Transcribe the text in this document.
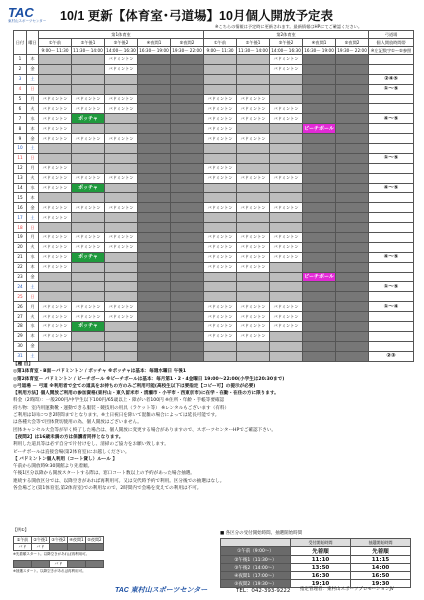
TAC
東村山スポーツセンター 10/1 更新【体育室･弓道場】10月個人開放予定表
※こちらの情報は予定時に更新されます。最新情報はHPにてご確認ください。
日付	曜日	第1体育室					第2体育室					弓道場
		①午前	②午後1	③午後2	④夜間1	⑤夜間2	①午前	②午後1	③午後2	④夜間1	⑤夜間2	個人開放時間帯
		9:00～ 11:30	11:30～ 14:00	14:00～ 16:30	16:30～ 19:00	19:30～ 22:00	9:00～ 11:30	11:30～ 14:00	14:00～ 16:30	16:30～ 19:00	19:30～ 22:00	※左記数字①～⑤参照
1	木			バドミントン					バドミントン			
2	金			バドミントン					バドミントン			
3	土											②④⑤
4	日											①〜⑤
5	月	バドミントン	バドミントン	バドミントン			バドミントン	バドミントン				
6	火	バドミントン	バドミントン	バドミントン			バドミントン	バドミントン	バドミントン			
7	水	バドミントン	ポッチャ				バドミントン	バドミントン	バドミントン			④〜⑤
8	木	バドミントン					バドミントン			ビーチボール		
9	金	バドミントン	バドミントン	バドミントン			バドミントン	バドミントン				
10	土											
11	日											①〜⑤
12	月	バドミントン					バドミントン					
13	火	バドミントン	バドミントン	バドミントン			バドミントン	バドミントン	バドミントン			
14	水	バドミントン	ポッチャ									④〜⑤
15	木											
16	金	バドミントン	バドミントン	バドミントン			バドミントン	バドミントン	バドミントン			
17	土	バドミントン										
18	日											
19	月	バドミントン	バドミントン	バドミントン			バドミントン	バドミントン	バドミントン			
20	火	バドミントン	バドミントン	バドミントン			バドミントン	バドミントン	バドミントン			
21	水	バドミントン	ポッチャ				バドミントン	バドミントン	バドミントン			④〜⑤
22	木	バドミントン					バドミントン	バドミントン				
23	金									ビーチボール		
24	土											①〜⑤
25	日											
26	月	バドミントン	バドミントン	バドミントン			バドミントン	バドミントン	バドミントン			①〜④
27	火	バドミントン	バドミントン	バドミントン			バドミントン	バドミントン	バドミントン			
28	水	バドミントン	ポッチャ				バドミントン	バドミントン	バドミントン			
29	木	バドミントン					バドミントン	バドミントン				
30	金											
31	土											②③
【種 目】
◎第1体育室・B面－バドミントン / ポッチャ ※ポッチャは基本：毎週水曜日 午後1
◎第2体育室－ バドミントン / ビーチボール ※ビーチボールは基本：毎月第1・2・4金曜日 19:00～22:00(小学生は20:30まで)
◎弓道場 － 弓道 ※利用者で全ての道具をお持ちの方のみご利用可能(高校生以下は要指定【コピー可】の提示が必要)
【利用方法】個人開放ご利用の参加資格(東村山・東久留米市・清瀬市・小平市・西東京市)に在学・在勤・在住の方に限ります。
料金（2時間）：一般200円/中学生以下100円/65歳以上・障がい者100円 ※住所・年齢・手帳等要確認
持ち物：室内用運動靴・運動できる服装・競技用の用具（ラケット等） ※レンタルもございます（有料）
ご利用は1回につき2時間までとなります。※土日祝日を除いて混雑の場合によっては延長可能です。
は各種大会等で団体貸切使用の為、個人開放はございません。
団体キャンセル大会等が早く終了した場合は、個人開放に変更する場合がありますので、スポーツセンターHPでご確認下さい。
【夜間2】は16歳未満の方は保護者同伴となります。
利用した道具等は必ず自分で片付けをし、清掃のご協力をお願い致します。
ビーチボールは直接会場(第2体育室)にお越しください。
【 バドミントン個人利用（コート貸し）ルール 】
午前から開放時9:30開館より先着順。
午後1区分以降から開放スタートする際は、窓口コート数以上の予約があった場合抽選。
連続する開放区分では、以降空きがあれば再利用可。又は交代時予約で利用。区分後での抽選はなし。
各会場ごと(第1体育室,第2体育室)での利用なので、2時間内で会場を変えての利用は不可。
【例①】
①午前	②午後1	③午後2	④夜間1	⑤夜間2
バド	バド			
※先着順スタート。以降空きがあれば再利用可。
		バド		
※抽選スタート。以降空きがあれば再利用可。
■ 各区分の受付開始時間、抽選開始時間
	受付開始時間	抽選開始時間
①午前（9:00～）	先着順	先着順
②午後1（11:30～）	11:10	11:15
③午後2（14:00～）	13:50	14:00
④夜間1（17:00～）	16:30	16:50
⑤夜間2（19:30～）	19:10	19:30
TAC 東村山スポーツセンター	TEL：042-393-9222 指定管理者：東村山スポーツプロモーションJV
